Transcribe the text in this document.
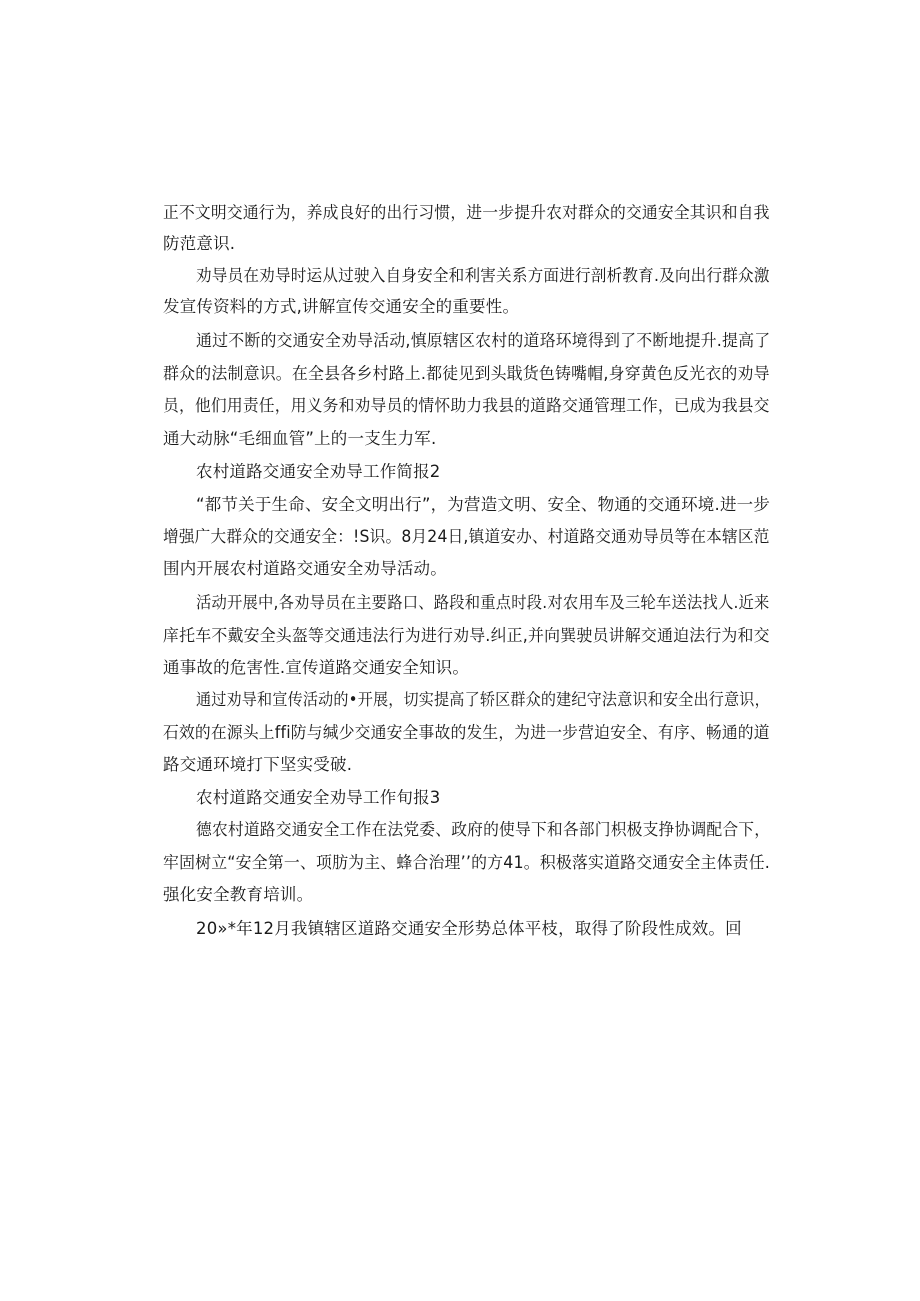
正不文明交通行为，养成良好的出行习惯，进一步提升农对群众的交通安全其识和自我
防范意识.
劝导员在劝导时运从过驶入自身安全和利害关系方面进行剖析教育.及向出行群众激
发宣传资料的方式,讲解宣传交通安全的重要性。
通过不断的交通安全劝导活动,慎原辖区农村的道珞环境得到了不断地提升.提高了
群众的法制意识。在全县各乡村路上.都徒见到头戢货色铸嘴帽,身穿黄色反光衣的劝导
员，他们用责任，用义务和劝导员的情怀助力我县的道路交通管理工作，已成为我县交
通大动脉“毛细血管”上的一支生力军.
农村道路交通安全劝导工作简报2
“都节关于生命、安全文明出行”，为营造文明、安全、物通的交通环境.进一步
增强广大群众的交通安全：!S识。8月24日,镇道安办、村道路交通劝导员等在本辖区范
围内开展农村道路交通安全劝导活动。
活动开展中,各劝导员在主要路口、路段和重点时段.对农用车及三轮车送法找人.近来
庠托车不戴安全头盔等交通违法行为进行劝导.纠正,并向巽驶员讲解交通迫法行为和交
通事故的危害性.宣传道路交通安全知识。
通过劝导和宣传活动的•开展，切实提高了轿区群众的建纪守法意识和安全出行意识，
石效的在源头上ffi防与缄少交通安全事故的发生，为进一步营迫安全、有序、畅通的道
路交通环境打下坚实受破.
农村道路交通安全劝导工作旬报3
德农村道路交通安全工作在法党委、政府的使导下和各部门枳极支挣协调配合下，
牢固树立“安全第一、项肪为主、蜂合治理’’的方41。积极落实道路交通安全主体责任.
强化安全教育培训。
20»*年12月我镇辖区道路交通安全形势总体平枝，取得了阶段性成效。回
